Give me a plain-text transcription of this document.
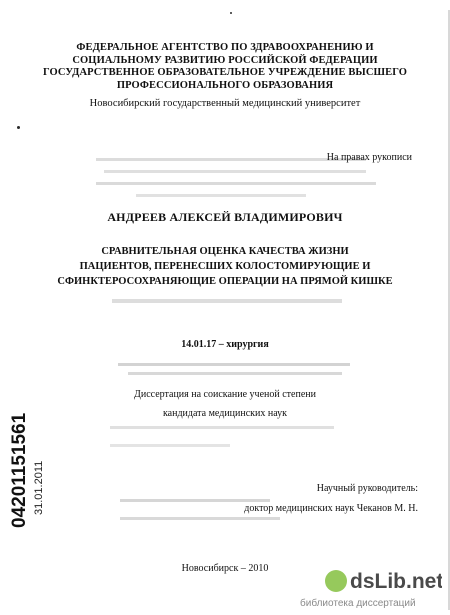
ФЕДЕРАЛЬНОЕ АГЕНТСТВО ПО ЗДРАВООХРАНЕНИЮ И
СОЦИАЛЬНОМУ РАЗВИТИЮ РОССИЙСКОЙ ФЕДЕРАЦИИ
ГОСУДАРСТВЕННОЕ ОБРАЗОВАТЕЛЬНОЕ УЧРЕЖДЕНИЕ ВЫСШЕГО
ПРОФЕССИОНАЛЬНОГО ОБРАЗОВАНИЯ
Новосибирский государственный медицинский университет
На правах рукописи
АНДРЕЕВ АЛЕКСЕЙ ВЛАДИМИРОВИЧ
СРАВНИТЕЛЬНАЯ ОЦЕНКА КАЧЕСТВА ЖИЗНИ
ПАЦИЕНТОВ, ПЕРЕНЕСШИХ КОЛОСТОМИРУЮЩИЕ И
СФИНКТЕРОСОХРАНЯЮЩИЕ ОПЕРАЦИИ НА ПРЯМОЙ КИШКЕ
14.01.17 – хирургия
Диссертация на соискание ученой степени
кандидата медицинских наук
Научный руководитель:
доктор медицинских наук Чеканов М. Н.
Новосибирск – 2010
04201151561 31.01.2011
dsLib.net
библиотека диссертаций
